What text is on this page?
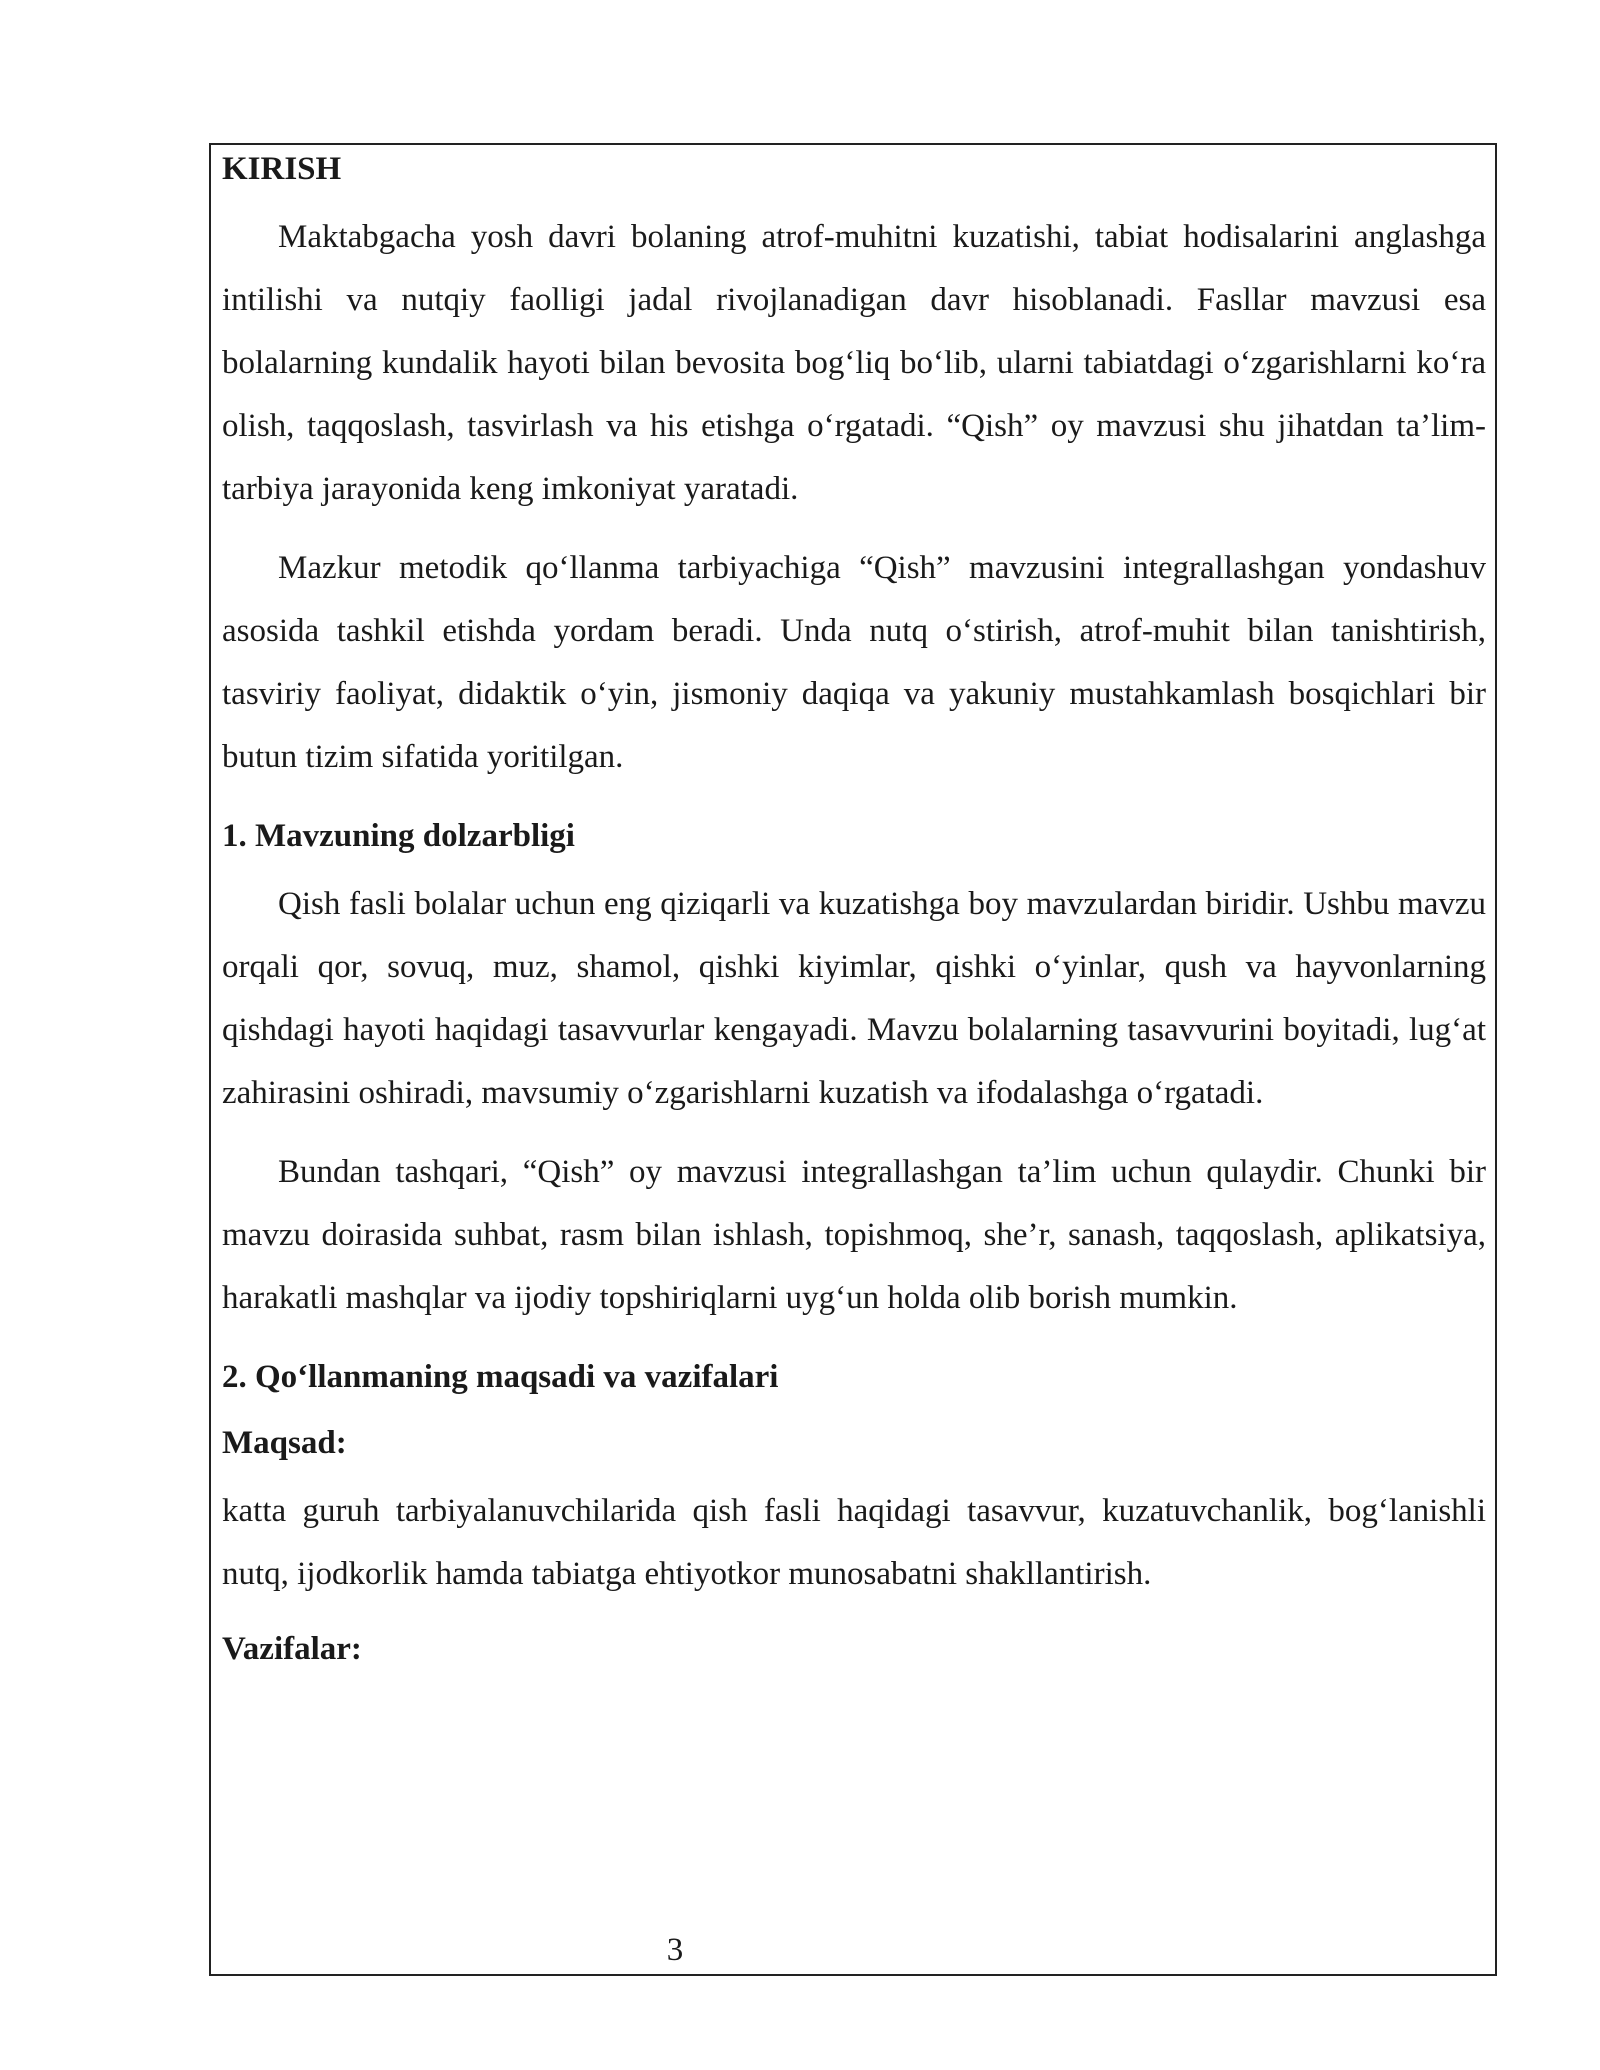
KIRISH

Maktabgacha yosh davri bolaning atrof-muhitni kuzatishi, tabiat hodisalarini anglashga intilishi va nutqiy faolligi jadal rivojlanadigan davr hisoblanadi. Fasllar mavzusi esa bolalarning kundalik hayoti bilan bevosita bog‘liq bo‘lib, ularni tabiatdagi o‘zgarishlarni ko‘ra olish, taqqoslash, tasvirlash va his etishga o‘rgatadi. “Qish” oy mavzusi shu jihatdan ta’lim-tarbiya jarayonida keng imkoniyat yaratadi.

Mazkur metodik qo‘llanma tarbiyachiga “Qish” mavzusini integrallashgan yondashuv asosida tashkil etishda yordam beradi. Unda nutq o‘stirish, atrof-muhit bilan tanishtirish, tasviriy faoliyat, didaktik o‘yin, jismoniy daqiqa va yakuniy mustahkamlash bosqichlari bir butun tizim sifatida yoritilgan.

1. Mavzuning dolzarbligi

Qish fasli bolalar uchun eng qiziqarli va kuzatishga boy mavzulardan biridir. Ushbu mavzu orqali qor, sovuq, muz, shamol, qishki kiyimlar, qishki o‘yinlar, qush va hayvonlarning qishdagi hayoti haqidagi tasavvurlar kengayadi. Mavzu bolalarning tasavvurini boyitadi, lug‘at zahirasini oshiradi, mavsumiy o‘zgarishlarni kuzatish va ifodalashga o‘rgatadi.

Bundan tashqari, “Qish” oy mavzusi integrallashgan ta’lim uchun qulaydir. Chunki bir mavzu doirasida suhbat, rasm bilan ishlash, topishmoq, she’r, sanash, taqqoslash, aplikatsiya, harakatli mashqlar va ijodiy topshiriqlarni uyg‘un holda olib borish mumkin.

2. Qo‘llanmaning maqsadi va vazifalari
Maqsad:

katta guruh tarbiyalanuvchilarida qish fasli haqidagi tasavvur, kuzatuvchanlik, bog‘lanishli nutq, ijodkorlik hamda tabiatga ehtiyotkor munosabatni shakllantirish.

Vazifalar:
3
